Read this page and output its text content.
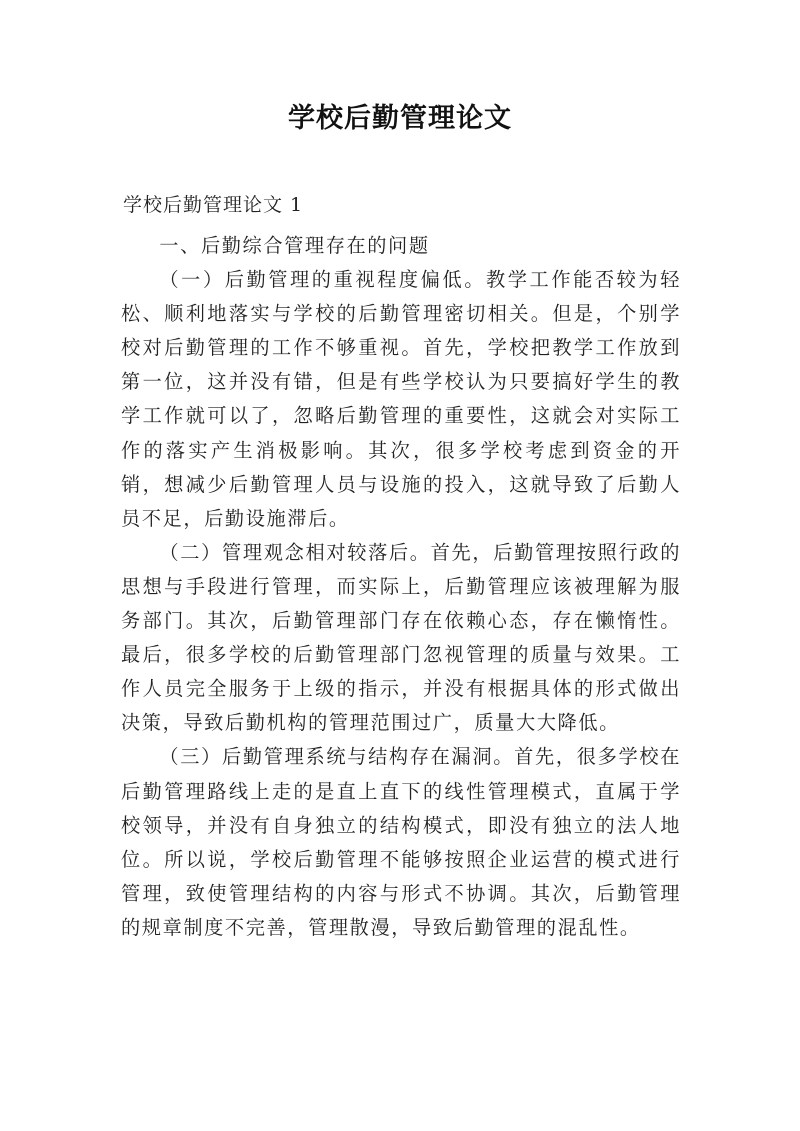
学校后勤管理论文
学校后勤管理论文 1

一、后勤综合管理存在的问题

（一）后勤管理的重视程度偏低。教学工作能否较为轻松、顺利地落实与学校的后勤管理密切相关。但是，个别学校对后勤管理的工作不够重视。首先，学校把教学工作放到第一位，这并没有错，但是有些学校认为只要搞好学生的教学工作就可以了，忽略后勤管理的重要性，这就会对实际工作的落实产生消极影响。其次，很多学校考虑到资金的开销，想减少后勤管理人员与设施的投入，这就导致了后勤人员不足，后勤设施滞后。

（二）管理观念相对较落后。首先，后勤管理按照行政的思想与手段进行管理，而实际上，后勤管理应该被理解为服务部门。其次，后勤管理部门存在依赖心态，存在懒惰性。最后，很多学校的后勤管理部门忽视管理的质量与效果。工作人员完全服务于上级的指示，并没有根据具体的形式做出决策，导致后勤机构的管理范围过广，质量大大降低。

（三）后勤管理系统与结构存在漏洞。首先，很多学校在后勤管理路线上走的是直上直下的线性管理模式，直属于学校领导，并没有自身独立的结构模式，即没有独立的法人地位。所以说，学校后勤管理不能够按照企业运营的模式进行管理，致使管理结构的内容与形式不协调。其次，后勤管理的规章制度不完善，管理散漫，导致后勤管理的混乱性。
